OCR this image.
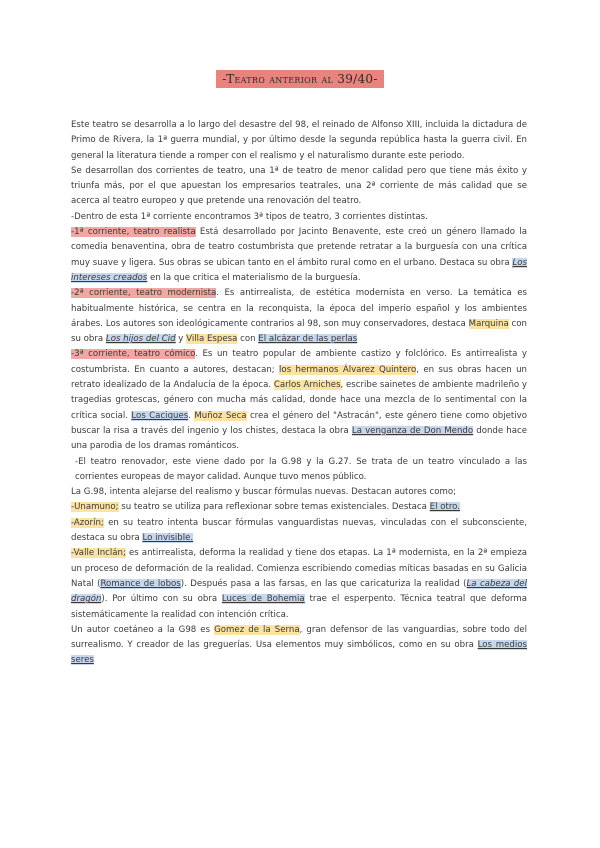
-Teatro anterior al 39/40-

Este teatro se desarrolla a lo largo del desastre del 98, el reinado de Alfonso XIII, incluida la dictadura de Primo de Rivera, la 1ª guerra mundial, y por último desde la segunda república hasta la guerra civil. En general la literatura tiende a romper con el realismo y el naturalismo durante este periodo.

Se desarrollan dos corrientes de teatro, una 1ª de teatro de menor calidad pero que tiene más éxito y triunfa más, por el que apuestan los empresarios teatrales, una 2ª corriente de más calidad que se acerca al teatro europeo y que pretende una renovación del teatro.

-Dentro de esta 1ª corriente encontramos 3ª tipos de teatro, 3 corrientes distintas.

-1ª corriente, teatro realista Está desarrollado por Jacinto Benavente, este creó un género llamado la comedia benaventina, obra de teatro costumbrista que pretende retratar a la burguesía con una crítica muy suave y ligera. Sus obras se ubican tanto en el ámbito rural como en el urbano. Destaca su obra Los intereses creados en la que critica el materialismo de la burguesía.

-2ª corriente, teatro modernista. Es antirrealista, de estética modernista en verso. La temática es habitualmente histórica, se centra en la reconquista, la época del imperio español y los ambientes árabes. Los autores son ideológicamente contrarios al 98, son muy conservadores, destaca Marquina con su obra Los hijos del Cid y Villa Espesa con El alcázar de las perlas

-3ª corriente, teatro cómico. Es un teatro popular de ambiente castizo y folclórico. Es antirrealista y costumbrista. En cuanto a autores, destacan; los hermanos Álvarez Quintero, en sus obras hacen un retrato idealizado de la Andalucía de la época. Carlos Arniches, escribe sainetes de ambiente madrileño y tragedias grotescas, género con mucha más calidad, donde hace una mezcla de lo sentimental con la crítica social. Los Caciques. Muñoz Seca crea el género del "Astracán", este género tiene como objetivo buscar la risa a través del ingenio y los chistes, destaca la obra La venganza de Don Mendo donde hace una parodia de los dramas románticos.

-El teatro renovador, este viene dado por la G.98 y la G.27. Se trata de un teatro vinculado a las corrientes europeas de mayor calidad. Aunque tuvo menos público.

La G.98, intenta alejarse del realismo y buscar fórmulas nuevas. Destacan autores como;

-Unamuno; su teatro se utiliza para reflexionar sobre temas existenciales. Destaca El otro.

-Azorín; en su teatro intenta buscar fórmulas vanguardistas nuevas, vinculadas con el subconsciente, destaca su obra Lo invisible.

-Valle Inclán; es antirrealista, deforma la realidad y tiene dos etapas. La 1ª modernista, en la 2ª empieza un proceso de deformación de la realidad. Comienza escribiendo comedias míticas basadas en su Galicia Natal (Romance de lobos). Después pasa a las farsas, en las que caricaturiza la realidad (La cabeza del dragón). Por último con su obra Luces de Bohemia trae el esperpento. Técnica teatral que deforma sistemáticamente la realidad con intención crítica.

Un autor coetáneo a la G98 es Gomez de la Serna, gran defensor de las vanguardias, sobre todo del surrealismo. Y creador de las greguerías. Usa elementos muy simbólicos, como en su obra Los medios seres
